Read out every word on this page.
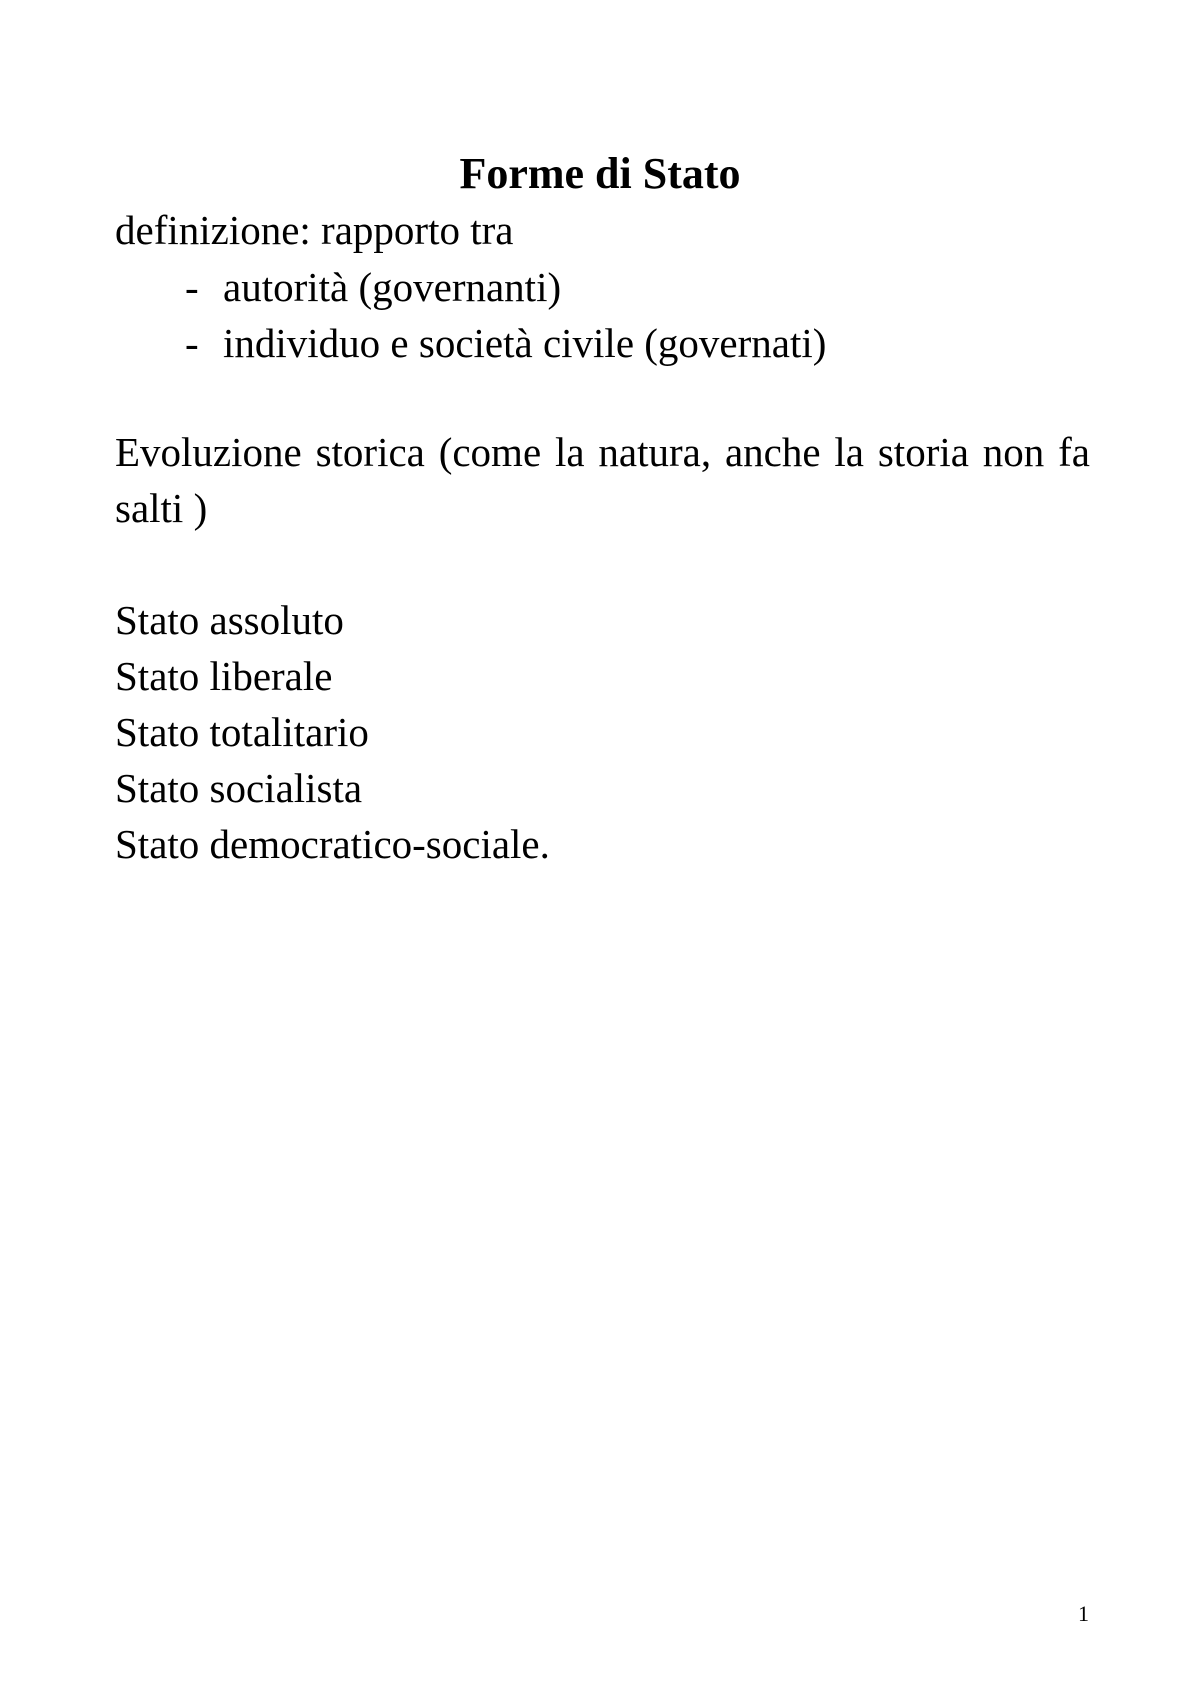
Forme di Stato
definizione: rapporto tra
- autorità (governanti)
- individuo e società civile (governati)
Evoluzione storica (come la natura, anche la storia non fa salti )
Stato assoluto
Stato liberale
Stato totalitario
Stato socialista
Stato democratico-sociale.
1
